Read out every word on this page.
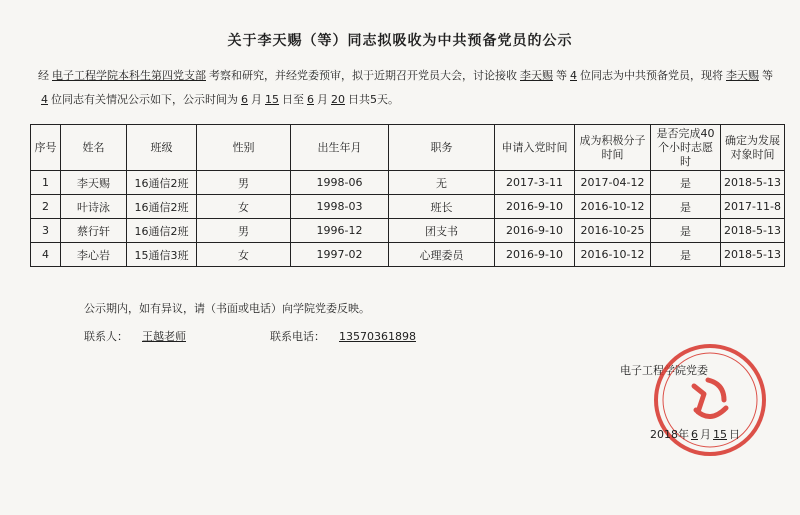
关于李天赐（等）同志拟吸收为中共预备党员的公示
经 电子工程学院本科生第四党支部 考察和研究，并经党委预审，拟于近期召开党员大会，讨论接收 李天赐 等 4 位同志为中共预备党员，现将 李天赐 等4 位同志有关情况公示如下，公示时间为 6 月 15 日至 6 月 20 日共5天。
序号	姓名	班级	性别	出生年月	职务	申请入党时间	成为积极分子时间	是否完成40个小时志愿时	确定为发展对象时间
1	李天赐	16通信2班	男	1998-06	无	2017-3-11	2017-04-12	是	2018-5-13
2	叶诗泳	16通信2班	女	1998-03	班长	2016-9-10	2016-10-12	是	2017-11-8
3	蔡行轩	16通信2班	男	1996-12	团支书	2016-9-10	2016-10-25	是	2018-5-13
4	李心岩	15通信3班	女	1997-02	心理委员	2016-9-10	2016-10-12	是	2018-5-13
公示期内，如有异议，请（书面或电话）向学院党委反映。
联系人： 王越老师	联系电话： 13570361898
电子工程学院党委
2018年 6 月 15 日
